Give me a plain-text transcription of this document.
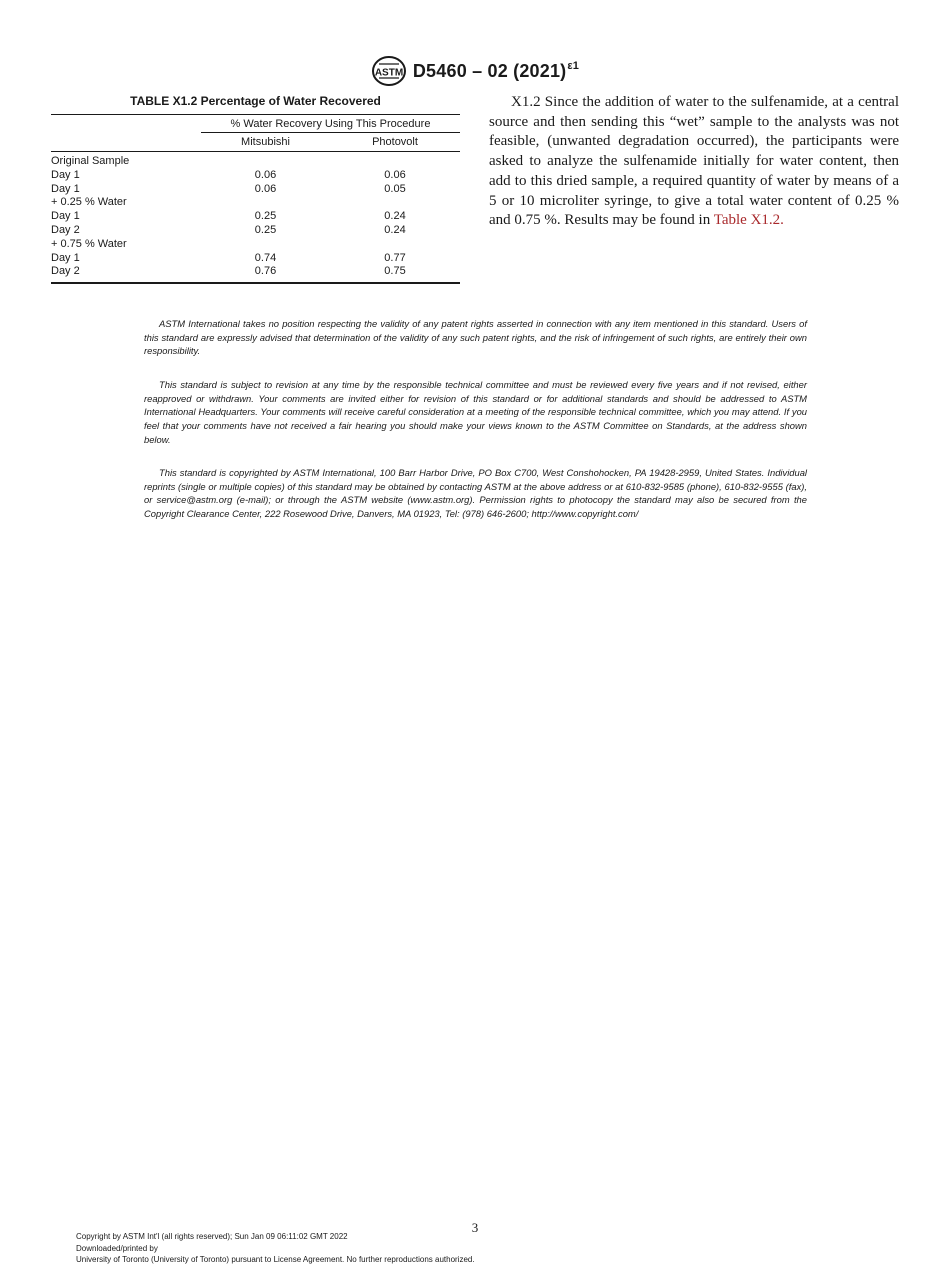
ASTM D5460 – 02 $(2021)^{\varepsilon 1}$
TABLE X1.2 Percentage of Water Recovered
	% Water Recovery Using This Procedure	
	Mitsubishi	Photovolt
Original Sample		
Day 1	0.06	0.06
Day 1	0.06	0.05
+ 0.25 % Water		
Day 1	0.25	0.24
Day 2	0.25	0.24
+ 0.75 % Water		
Day 1	0.74	0.77
Day 2	0.76	0.75
X1.2 Since the addition of water to the sulfenamide, at a central source and then sending this “wet” sample to the analysts was not feasible, (unwanted degradation occurred), the participants were asked to analyze the sulfenamide initially for water content, then add to this dried sample, a required quantity of water by means of a 5 or 10 microliter syringe, to give a total water content of 0.25 % and 0.75 %. Results may be found in Table X1.2.
ASTM International takes no position respecting the validity of any patent rights asserted in connection with any item mentioned in this standard. Users of this standard are expressly advised that determination of the validity of any such patent rights, and the risk of infringement of such rights, are entirely their own responsibility.
This standard is subject to revision at any time by the responsible technical committee and must be reviewed every five years and if not revised, either reapproved or withdrawn. Your comments are invited either for revision of this standard or for additional standards and should be addressed to ASTM International Headquarters. Your comments will receive careful consideration at a meeting of the responsible technical committee, which you may attend. If you feel that your comments have not received a fair hearing you should make your views known to the ASTM Committee on Standards, at the address shown below.
This standard is copyrighted by ASTM International, 100 Barr Harbor Drive, PO Box C700, West Conshohocken, PA 19428-2959, United States. Individual reprints (single or multiple copies) of this standard may be obtained by contacting ASTM at the above address or at 610-832-9585 (phone), 610-832-9555 (fax), or service@astm.org (e-mail); or through the ASTM website (www.astm.org). Permission rights to photocopy the standard may also be secured from the Copyright Clearance Center, 222 Rosewood Drive, Danvers, MA 01923, Tel: (978) 646-2600; http://www.copyright.com/
3
Copyright by ASTM Int'l (all rights reserved); Sun Jan 09 06:11:02 GMT 2022
Downloaded/printed by
University of Toronto (University of Toronto) pursuant to License Agreement. No further reproductions authorized.
